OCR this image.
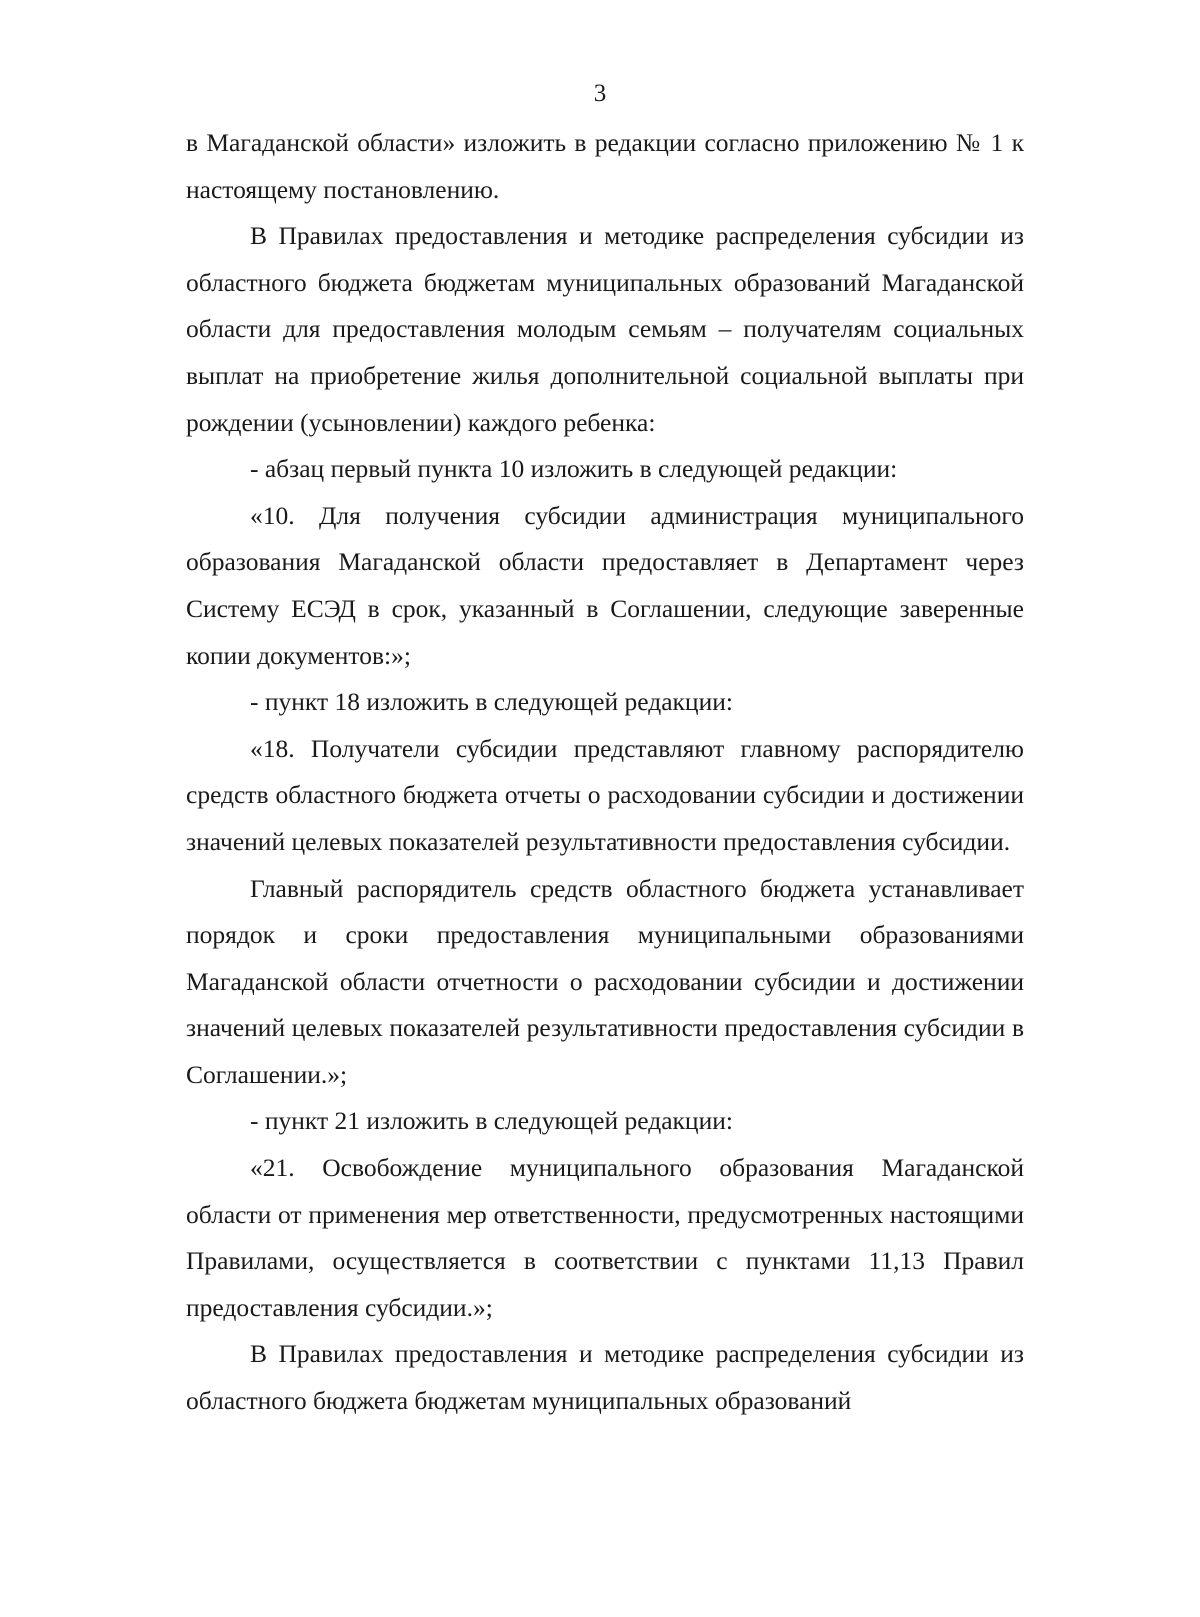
3

в Магаданской области» изложить в редакции согласно приложению № 1 к настоящему постановлению.

В Правилах предоставления и методике распределения субсидии из областного бюджета бюджетам муниципальных образований Магаданской области для предоставления молодым семьям – получателям социальных выплат на приобретение жилья дополнительной социальной выплаты при рождении (усыновлении) каждого ребенка:

- абзац первый пункта 10 изложить в следующей редакции:

«10. Для получения субсидии администрация муниципального образования Магаданской области предоставляет в Департамент через Систему ЕСЭД в срок, указанный в Соглашении, следующие заверенные копии документов:»;

- пункт 18 изложить в следующей редакции:

«18. Получатели субсидии представляют главному распорядителю средств областного бюджета отчеты о расходовании субсидии и достижении значений целевых показателей результативности предоставления субсидии.

Главный распорядитель средств областного бюджета устанавливает порядок и сроки предоставления муниципальными образованиями Магаданской области отчетности о расходовании субсидии и достижении значений целевых показателей результативности предоставления субсидии в Соглашении.»;

- пункт 21 изложить в следующей редакции:

«21. Освобождение муниципального образования Магаданской области от применения мер ответственности, предусмотренных настоящими Правилами, осуществляется в соответствии с пунктами 11,13 Правил предоставления субсидии.»;

В Правилах предоставления и методике распределения субсидии из областного бюджета бюджетам муниципальных образований
